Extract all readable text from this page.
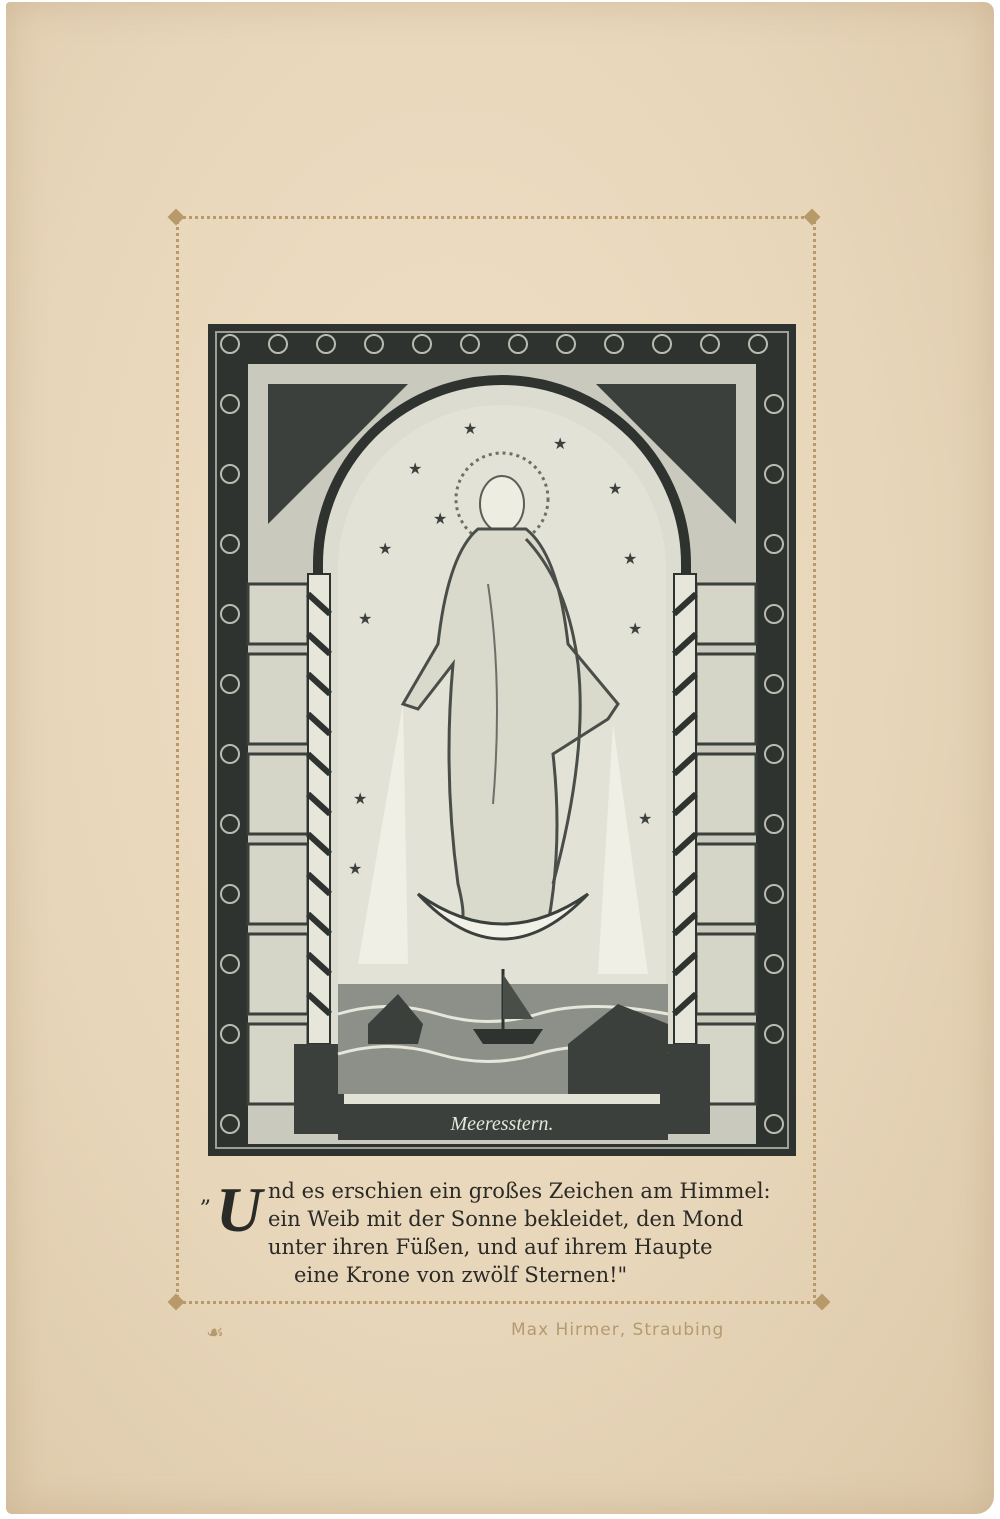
★
★
★
★
★
★
★
★
★
★
★
★
Meeresstern.
„ U nd es erschien ein großes Zeichen am Himmel:
ein Weib mit der Sonne bekleidet, den Mond
unter ihren Füßen, und auf ihrem Haupte
eine Krone von zwölf Sternen!"
☙	Max Hirmer, Straubing
